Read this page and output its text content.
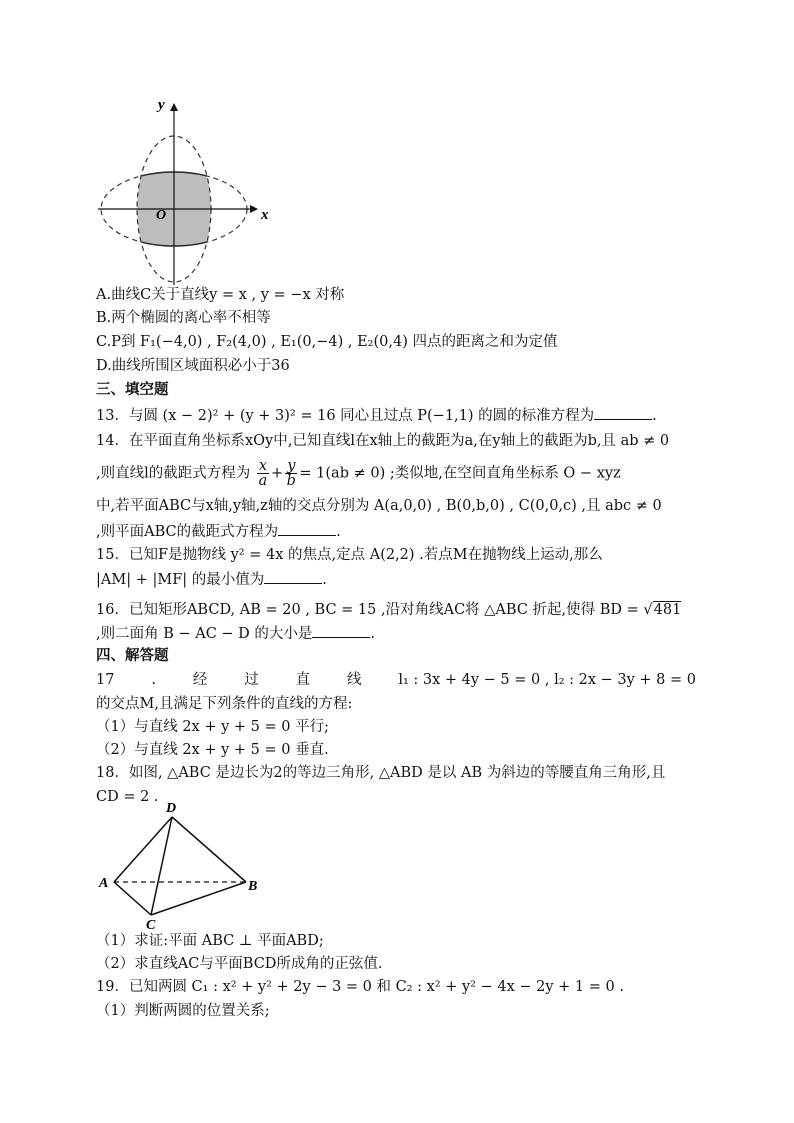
x
y
O
A.曲线C关于直线y = x , y = −x 对称
B.两个椭圆的离心率不相等
C.P到 F₁(−4,0) , F₂(4,0) , E₁(0,−4) , E₂(0,4) 四点的距离之和为定值
D.曲线所围区域面积必小于36
三、填空题
13．与圆 (x − 2)² + (y + 3)² = 16 同心且过点 P(−1,1) 的圆的标准方程为	.
14．在平面直角坐标系xOy中,已知直线l在x轴上的截距为a,在y轴上的截距为b,且 ab ≠ 0
,则直线l的截距式方程为 $\frac{x}{a} + \frac{y}{b} = 1(ab \ne 0)$ ;类似地,在空间直角坐标系 O − xyz
中,若平面ABC与x轴,y轴,z轴的交点分别为 A(a,0,0) , B(0,b,0) , C(0,0,c) ,且 abc ≠ 0
,则平面ABC的截距式方程为	.
15．已知F是抛物线 y² = 4x 的焦点,定点 A(2,2) .若点M在抛物线上运动,那么
|AM| + |MF| 的最小值为	.
16．已知矩形ABCD, AB = 20 , BC = 15 ,沿对角线AC将 △ABC 折起,使得 BD = √481
,则二面角 B − AC − D 的大小是	.
四、解答题
17	.	经	过	直	线	l₁ : 3x + 4y − 5 = 0 , l₂ : 2x − 3y + 8 = 0
的交点M,且满足下列条件的直线的方程:
（1）与直线 2x + y + 5 = 0 平行;
（2）与直线 2x + y + 5 = 0 垂直.
18．如图, △ABC 是边长为2的等边三角形, △ABD 是以 AB 为斜边的等腰直角三角形,且
CD = 2 .
D
A	B
C
（1）求证:平面 ABC ⊥ 平面ABD;
（2）求直线AC与平面BCD所成角的正弦值.
19．已知两圆 C₁ : x² + y² + 2y − 3 = 0 和 C₂ : x² + y² − 4x − 2y + 1 = 0 .
（1）判断两圆的位置关系;
